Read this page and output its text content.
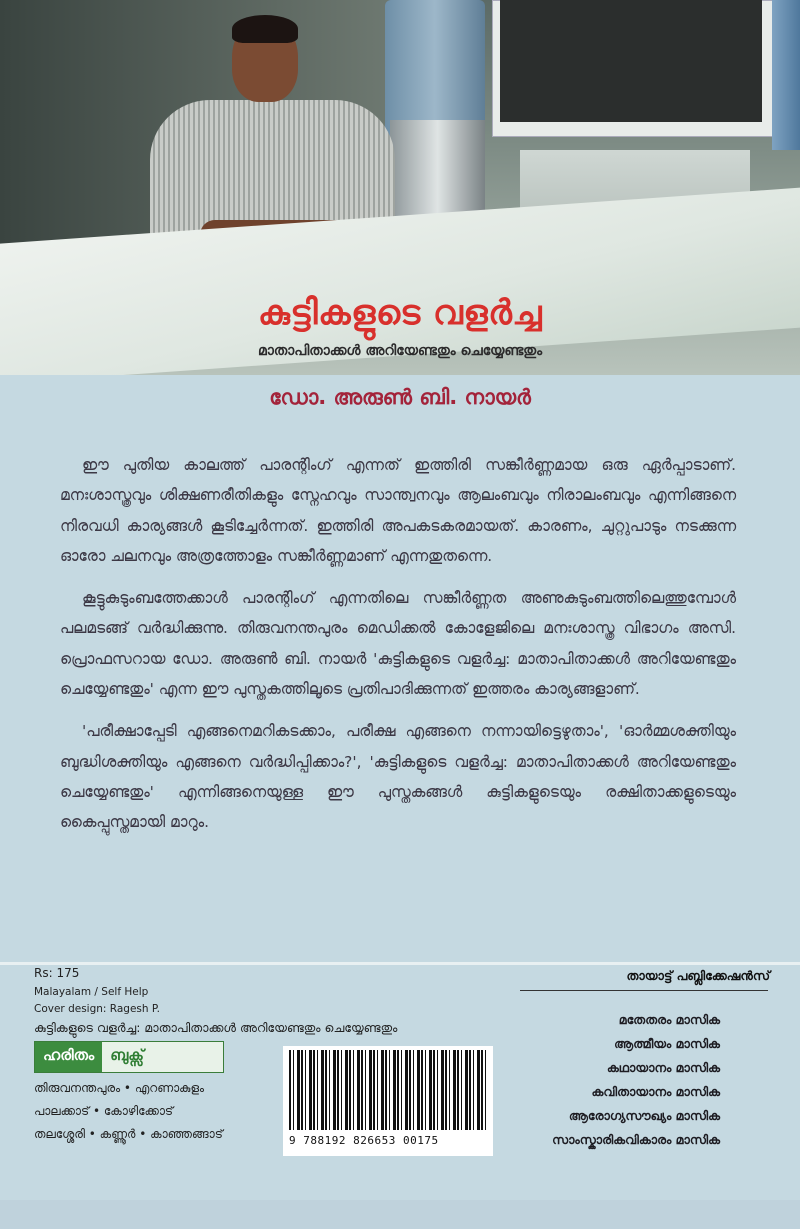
കുട്ടികളുടെ വളർച്ച
മാതാപിതാക്കൾ അറിയേണ്ടതും ചെയ്യേണ്ടതും
ഡോ. അരുൺ ബി. നായർ

ഈ പുതിയ കാലത്ത് പാരന്റിംഗ് എന്നത് ഇത്തിരി സങ്കീർണ്ണമായ ഒരു ഏർപ്പാടാണ്. മനഃശാസ്ത്രവും ശിക്ഷണരീതികളും സ്നേഹവും സാന്ത്വനവും ആലംബവും നിരാലംബവും എന്നിങ്ങനെ നിരവധി കാര്യങ്ങൾ കൂടിച്ചേർന്നത്. ഇത്തിരി അപകടകരമായത്. കാരണം, ചുറ്റുപാടും നടക്കുന്ന ഓരോ ചലനവും അത്രത്തോളം സങ്കീർണ്ണമാണ് എന്നതുതന്നെ.

കൂട്ടുകുടുംബത്തേക്കാൾ പാരന്റിംഗ് എന്നതിലെ സങ്കീർണ്ണത അണുകുടുംബത്തിലെത്തുമ്പോൾ പലമടങ്ങ് വർദ്ധിക്കുന്നു. തിരുവനന്തപുരം മെഡിക്കൽ കോളേജിലെ മനഃശാസ്ത്ര വിഭാഗം അസി. പ്രൊഫസറായ ഡോ. അരുൺ ബി. നായർ 'കുട്ടികളുടെ വളർച്ച: മാതാപിതാക്കൾ അറിയേണ്ടതും ചെയ്യേണ്ടതും' എന്ന ഈ പുസ്തകത്തിലൂടെ പ്രതിപാദിക്കുന്നത് ഇത്തരം കാര്യങ്ങളാണ്.

'പരീക്ഷാപ്പേടി എങ്ങനെമറികടക്കാം, പരീക്ഷ എങ്ങനെ നന്നായിട്ടെഴുതാം', 'ഓർമ്മശക്തിയും ബുദ്ധിശക്തിയും എങ്ങനെ വർദ്ധിപ്പിക്കാം?', 'കുട്ടികളുടെ വളർച്ച: മാതാപിതാക്കൾ അറിയേണ്ടതും ചെയ്യേണ്ടതും' എന്നിങ്ങനെയുള്ള ഈ പുസ്തകങ്ങൾ കുട്ടികളുടെയും രക്ഷിതാക്കളുടെയും കൈപ്പുസ്തമായി മാറും.

Rs: 175
Malayalam / Self Help
Cover design: Ragesh P.
കുട്ടികളുടെ വളർച്ച: മാതാപിതാക്കൾ അറിയേണ്ടതും ചെയ്യേണ്ടതും
ഹരിതം	ബുക്സ്
തിരുവനന്തപുരം • എറണാകുളം
പാലക്കാട് • കോഴിക്കോട്
തലശ്ശേരി • കണ്ണൂർ • കാഞ്ഞങ്ങാട്	9 788192 826653 00175
തായാട്ട് പബ്ലിക്കേഷൻസ്
മതേതരം മാസിക
ആത്മീയം മാസിക
കഥായാനം മാസിക
കവിതായാനം മാസിക
ആരോഗ്യസൗഖ്യം മാസിക
സാംസ്കാരികവികാരം മാസിക
